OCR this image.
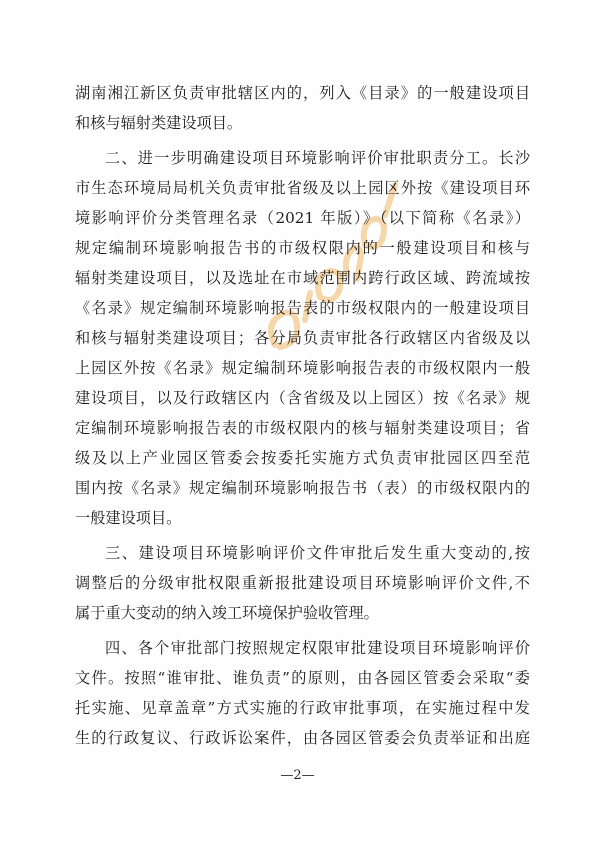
湖南湘江新区负责审批辖区内的，列入《目录》的一般建设项目
和核与辐射类建设项目。
二、进一步明确建设项目环境影响评价审批职责分工。长沙
市生态环境局局机关负责审批省级及以上园区外按《建设项目环
境影响评价分类管理名录（2021 年版）》（以下简称《名录》）
规定编制环境影响报告书的市级权限内的一般建设项目和核与
辐射类建设项目，以及选址在市域范围内跨行政区域、跨流域按
《名录》规定编制环境影响报告表的市级权限内的一般建设项目
和核与辐射类建设项目；各分局负责审批各行政辖区内省级及以
上园区外按《名录》规定编制环境影响报告表的市级权限内一般
建设项目，以及行政辖区内（含省级及以上园区）按《名录》规
定编制环境影响报告表的市级权限内的核与辐射类建设项目；省
级及以上产业园区管委会按委托实施方式负责审批园区四至范
围内按《名录》规定编制环境影响报告书（表）的市级权限内的
一般建设项目。
三、建设项目环境影响评价文件审批后发生重大变动的,按
调整后的分级审批权限重新报批建设项目环境影响评价文件,不
属于重大变动的纳入竣工环境保护验收管理。
四、各个审批部门按照规定权限审批建设项目环境影响评价
文件。按照“谁审批、谁负责”的原则，由各园区管委会采取“委
托实施、见章盖章”方式实施的行政审批事项，在实施过程中发
生的行政复议、行政诉讼案件，由各园区管委会负责举证和出庭
—2—
